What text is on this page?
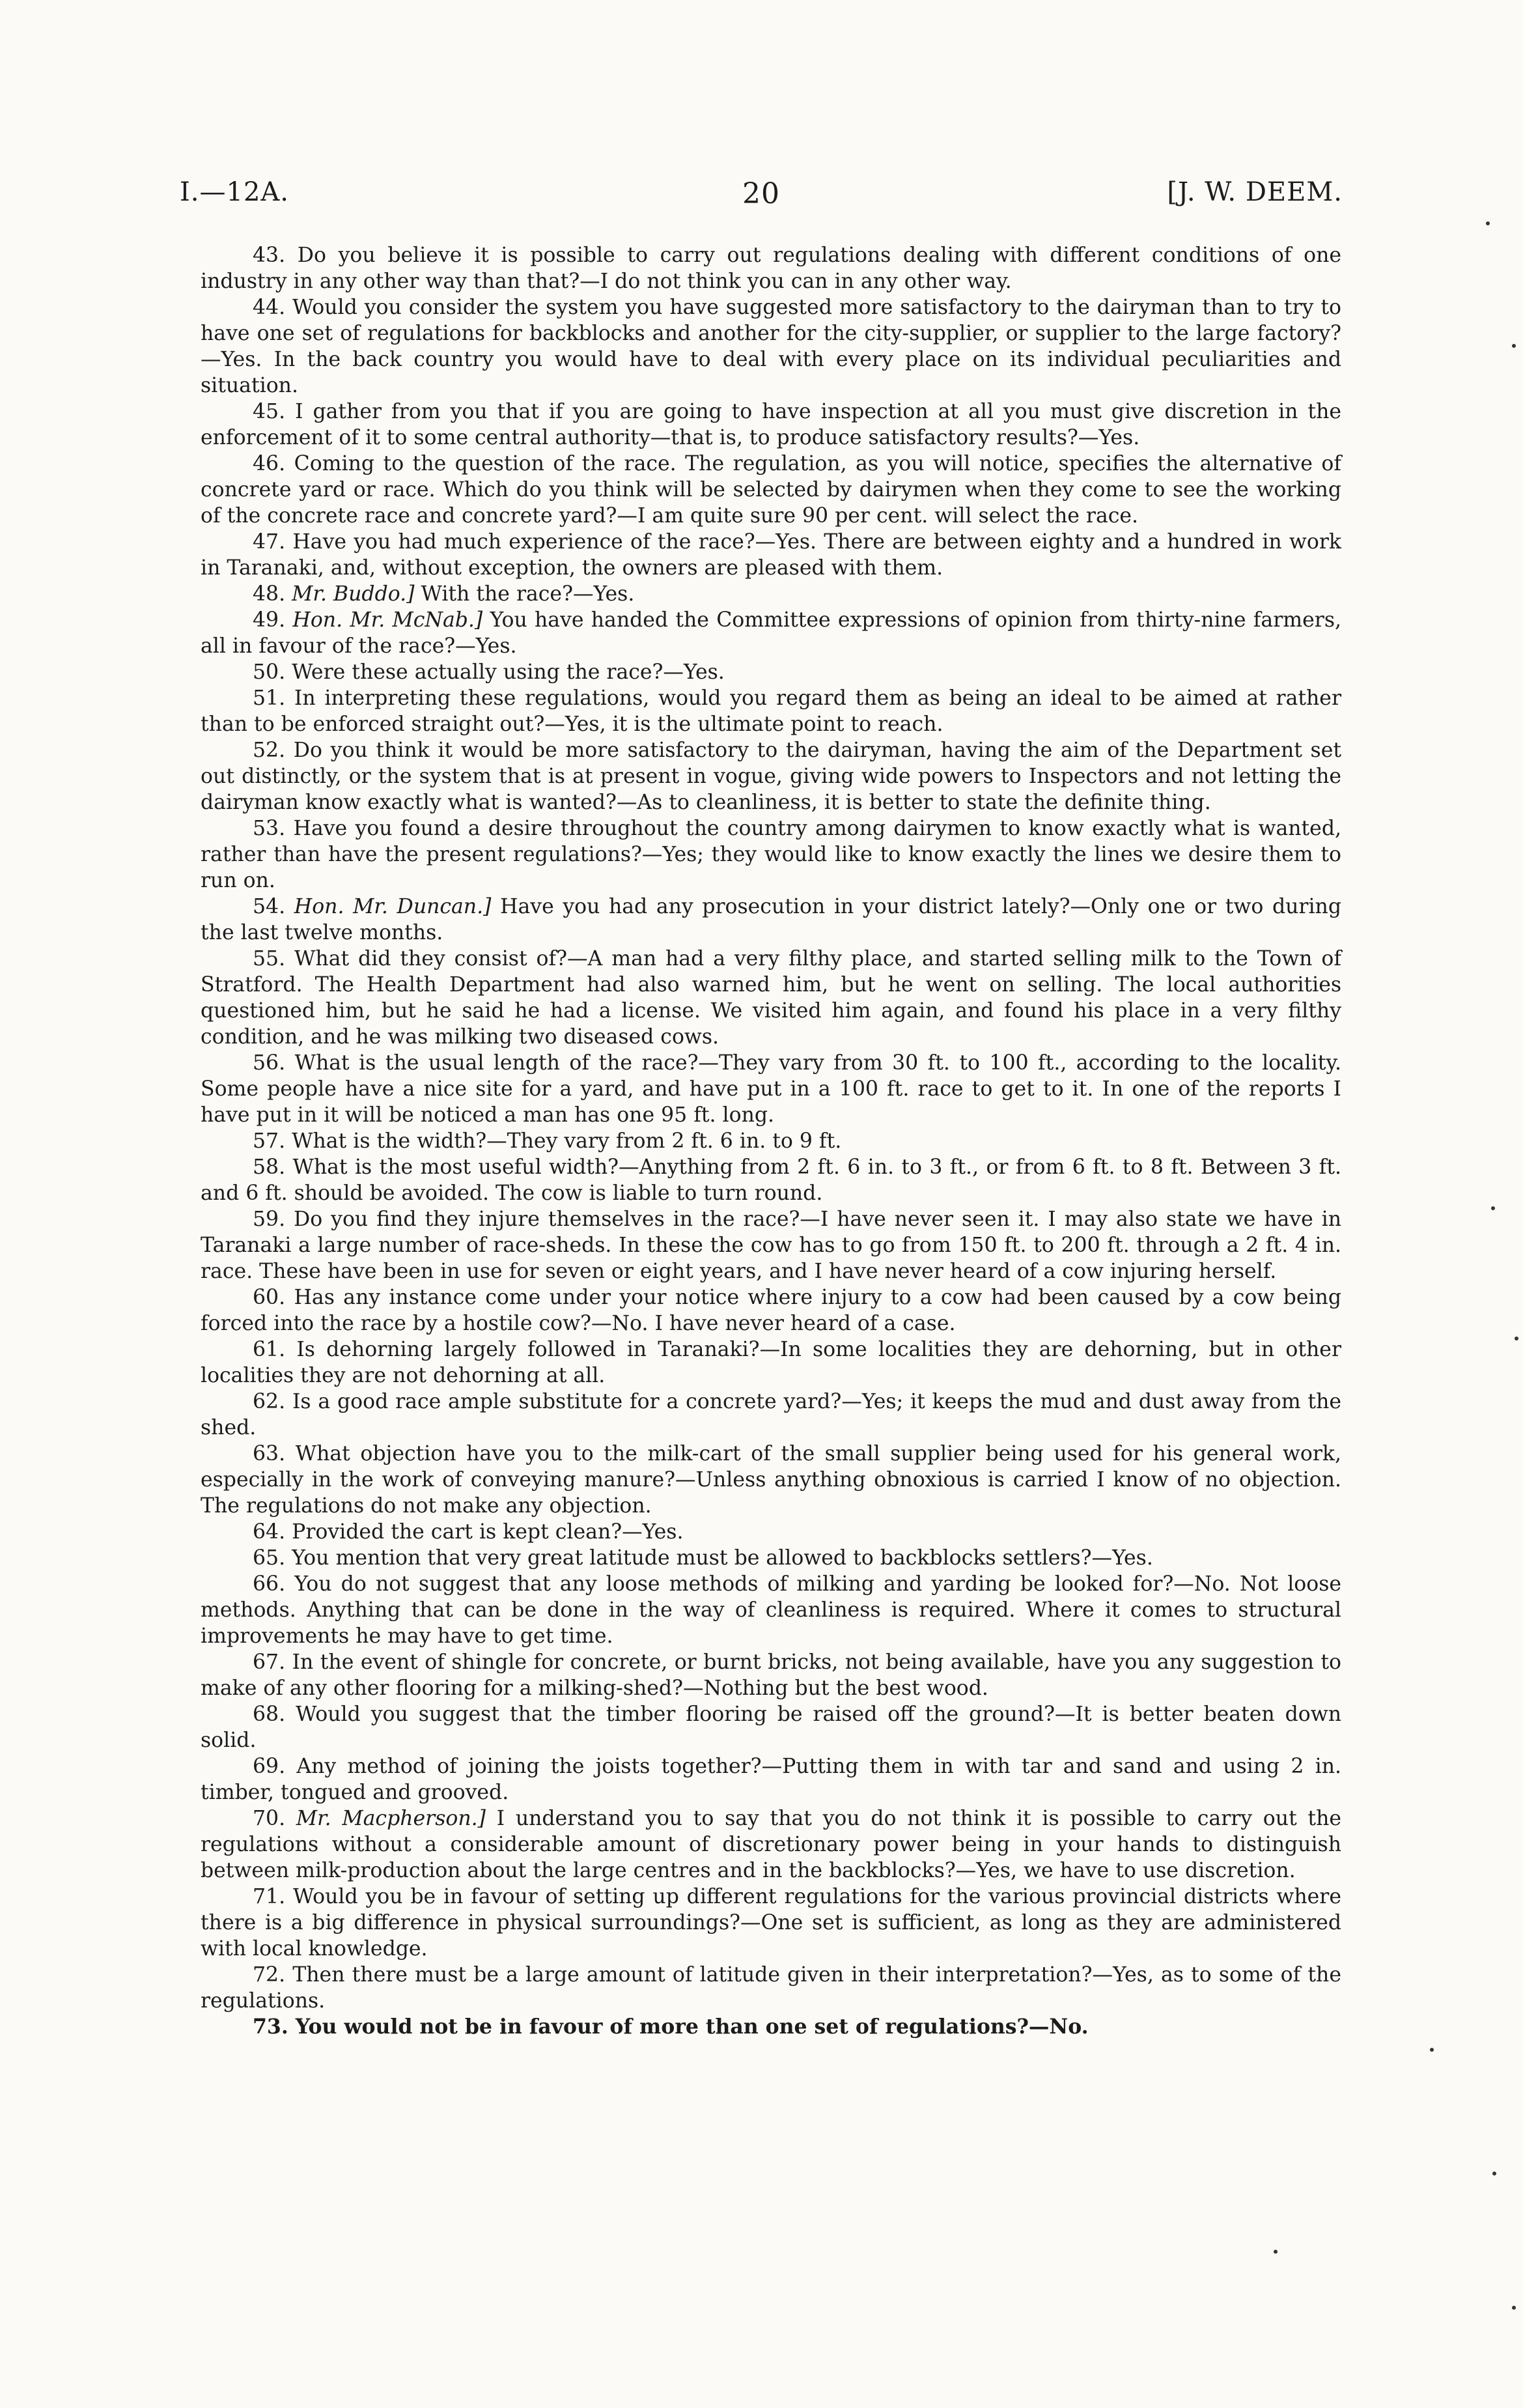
I.—12A.	20	[J. W. DEEM.

43. Do you believe it is possible to carry out regulations dealing with different conditions of one industry in any other way than that?—I do not think you can in any other way.

44. Would you consider the system you have suggested more satisfactory to the dairyman than to try to have one set of regulations for backblocks and another for the city-supplier, or supplier to the large factory?—Yes. In the back country you would have to deal with every place on its individual peculiarities and situation.

45. I gather from you that if you are going to have inspection at all you must give discretion in the enforcement of it to some central authority—that is, to produce satisfactory results?—Yes.

46. Coming to the question of the race. The regulation, as you will notice, specifies the alternative of concrete yard or race. Which do you think will be selected by dairymen when they come to see the working of the concrete race and concrete yard?—I am quite sure 90 per cent. will select the race.

47. Have you had much experience of the race?—Yes. There are between eighty and a hundred in work in Taranaki, and, without exception, the owners are pleased with them.

48. Mr. Buddo.] With the race?—Yes.

49. Hon. Mr. McNab.] You have handed the Committee expressions of opinion from thirty-nine farmers, all in favour of the race?—Yes.

50. Were these actually using the race?—Yes.

51. In interpreting these regulations, would you regard them as being an ideal to be aimed at rather than to be enforced straight out?—Yes, it is the ultimate point to reach.

52. Do you think it would be more satisfactory to the dairyman, having the aim of the Department set out distinctly, or the system that is at present in vogue, giving wide powers to Inspectors and not letting the dairyman know exactly what is wanted?—As to cleanliness, it is better to state the definite thing.

53. Have you found a desire throughout the country among dairymen to know exactly what is wanted, rather than have the present regulations?—Yes; they would like to know exactly the lines we desire them to run on.

54. Hon. Mr. Duncan.] Have you had any prosecution in your district lately?—Only one or two during the last twelve months.

55. What did they consist of?—A man had a very filthy place, and started selling milk to the Town of Stratford. The Health Department had also warned him, but he went on selling. The local authorities questioned him, but he said he had a license. We visited him again, and found his place in a very filthy condition, and he was milking two diseased cows.

56. What is the usual length of the race?—They vary from 30 ft. to 100 ft., according to the locality. Some people have a nice site for a yard, and have put in a 100 ft. race to get to it. In one of the reports I have put in it will be noticed a man has one 95 ft. long.

57. What is the width?—They vary from 2 ft. 6 in. to 9 ft.

58. What is the most useful width?—Anything from 2 ft. 6 in. to 3 ft., or from 6 ft. to 8 ft. Between 3 ft. and 6 ft. should be avoided. The cow is liable to turn round.

59. Do you find they injure themselves in the race?—I have never seen it. I may also state we have in Taranaki a large number of race-sheds. In these the cow has to go from 150 ft. to 200 ft. through a 2 ft. 4 in. race. These have been in use for seven or eight years, and I have never heard of a cow injuring herself.

60. Has any instance come under your notice where injury to a cow had been caused by a cow being forced into the race by a hostile cow?—No. I have never heard of a case.

61. Is dehorning largely followed in Taranaki?—In some localities they are dehorning, but in other localities they are not dehorning at all.

62. Is a good race ample substitute for a concrete yard?—Yes; it keeps the mud and dust away from the shed.

63. What objection have you to the milk-cart of the small supplier being used for his general work, especially in the work of conveying manure?—Unless anything obnoxious is carried I know of no objection. The regulations do not make any objection.

64. Provided the cart is kept clean?—Yes.

65. You mention that very great latitude must be allowed to backblocks settlers?—Yes.

66. You do not suggest that any loose methods of milking and yarding be looked for?—No. Not loose methods. Anything that can be done in the way of cleanliness is required. Where it comes to structural improvements he may have to get time.

67. In the event of shingle for concrete, or burnt bricks, not being available, have you any suggestion to make of any other flooring for a milking-shed?—Nothing but the best wood.

68. Would you suggest that the timber flooring be raised off the ground?—It is better beaten down solid.

69. Any method of joining the joists together?—Putting them in with tar and sand and using 2 in. timber, tongued and grooved.

70. Mr. Macpherson.] I understand you to say that you do not think it is possible to carry out the regulations without a considerable amount of discretionary power being in your hands to distinguish between milk-production about the large centres and in the backblocks?—Yes, we have to use discretion.

71. Would you be in favour of setting up different regulations for the various provincial districts where there is a big difference in physical surroundings?—One set is sufficient, as long as they are administered with local knowledge.

72. Then there must be a large amount of latitude given in their interpretation?—Yes, as to some of the regulations.

73. You would not be in favour of more than one set of regulations?—No.
